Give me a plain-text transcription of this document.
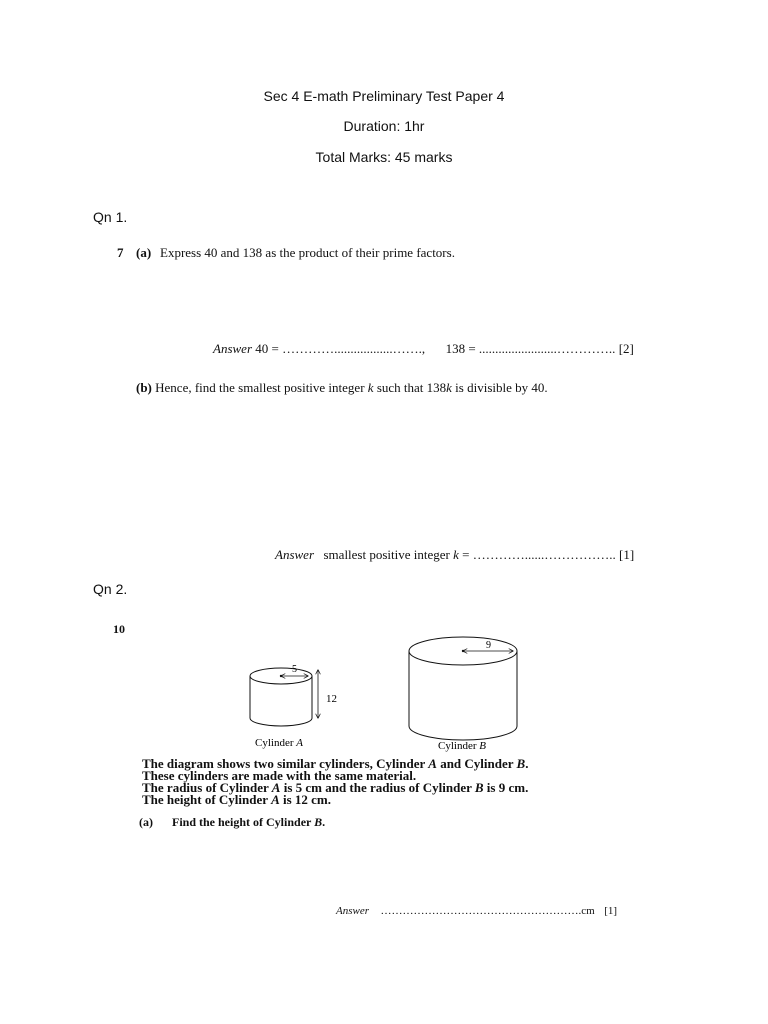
Sec 4 E-math Preliminary Test Paper 4
Duration: 1hr
Total Marks: 45 marks
Qn 1.
7 (a) Express 40 and 138 as the product of their prime factors.
Answer 40 = …………..................……., 138 = ........................………….. [2]
(b) Hence, find the smallest positive integer k such that 138k is divisible by 40.
Answer smallest positive integer k = …………......…………….. [1]
Qn 2.
10
5
12
Cylinder A
9
Cylinder B
The diagram shows two similar cylinders, Cylinder A and Cylinder B.
These cylinders are made with the same material.
The radius of Cylinder A is 5 cm and the radius of Cylinder B is 9 cm.
The height of Cylinder A is 12 cm.
(a) Find the height of Cylinder B.
Answer ……………………………………………….cm [1]
